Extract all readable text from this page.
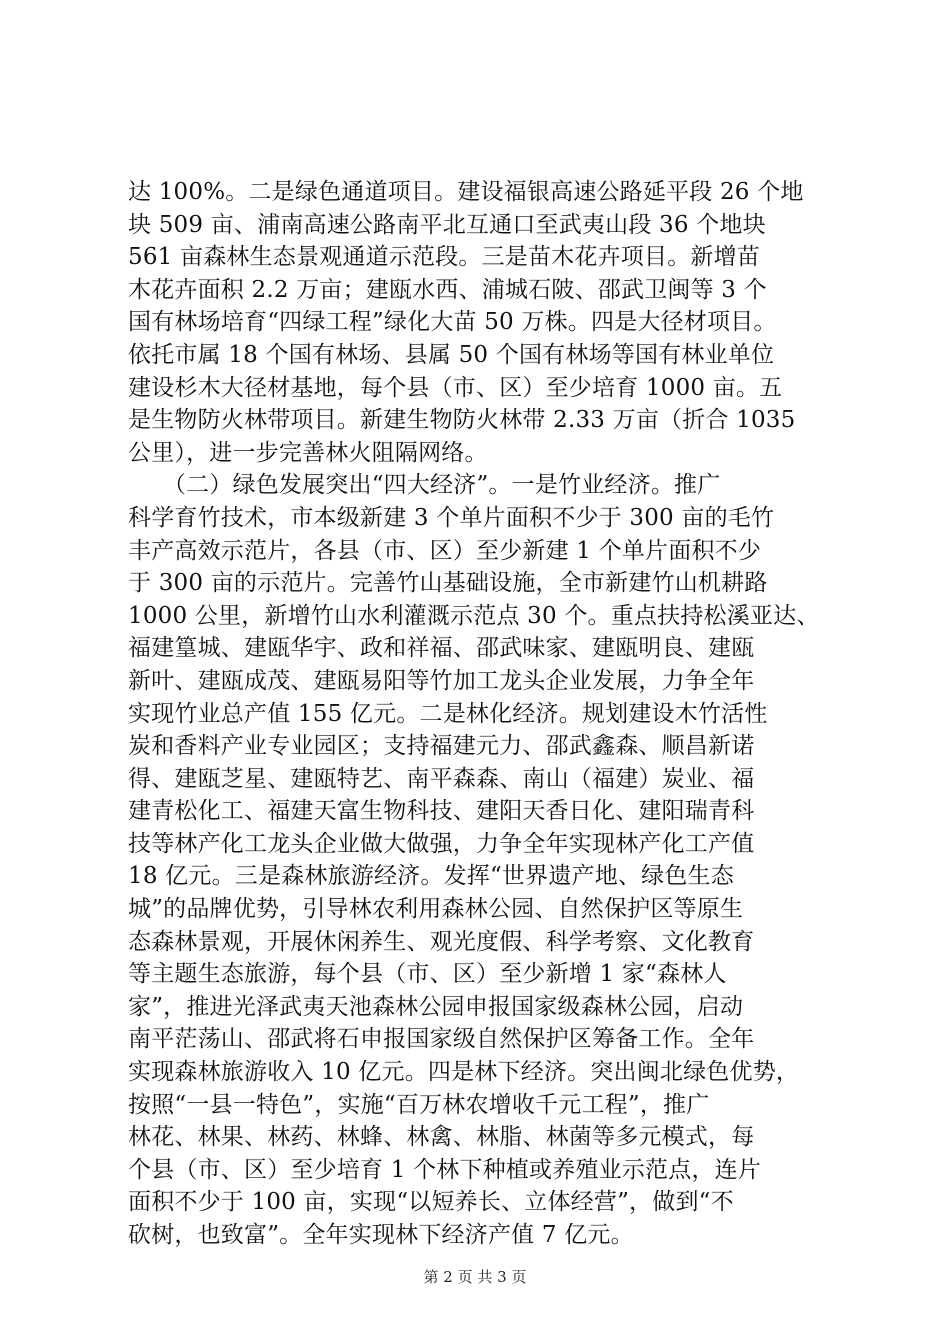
达 100%。二是绿色通道项目。建设福银高速公路延平段 26 个地
块 509 亩、浦南高速公路南平北互通口至武夷山段 36 个地块
561 亩森林生态景观通道示范段。三是苗木花卉项目。新增苗
木花卉面积 2.2 万亩；建瓯水西、浦城石陂、邵武卫闽等 3 个
国有林场培育“四绿工程”绿化大苗 50 万株。四是大径材项目。
依托市属 18 个国有林场、县属 50 个国有林场等国有林业单位
建设杉木大径材基地，每个县（市、区）至少培育 1000 亩。五
是生物防火林带项目。新建生物防火林带 2.33 万亩（折合 1035
公里），进一步完善林火阻隔网络。
　　（二）绿色发展突出“四大经济”。一是竹业经济。推广
科学育竹技术，市本级新建 3 个单片面积不少于 300 亩的毛竹
丰产高效示范片，各县（市、区）至少新建 1 个单片面积不少
于 300 亩的示范片。完善竹山基础设施，全市新建竹山机耕路
1000 公里，新增竹山水利灌溉示范点 30 个。重点扶持松溪亚达、
福建篁城、建瓯华宇、政和祥福、邵武味家、建瓯明良、建瓯
新叶、建瓯成茂、建瓯易阳等竹加工龙头企业发展，力争全年
实现竹业总产值 155 亿元。二是林化经济。规划建设木竹活性
炭和香料产业专业园区；支持福建元力、邵武鑫森、顺昌新诺
得、建瓯芝星、建瓯特艺、南平森森、南山（福建）炭业、福
建青松化工、福建天富生物科技、建阳天香日化、建阳瑞青科
技等林产化工龙头企业做大做强，力争全年实现林产化工产值
18 亿元。三是森林旅游经济。发挥“世界遗产地、绿色生态
城”的品牌优势，引导林农利用森林公园、自然保护区等原生
态森林景观，开展休闲养生、观光度假、科学考察、文化教育
等主题生态旅游，每个县（市、区）至少新增 1 家“森林人
家”，推进光泽武夷天池森林公园申报国家级森林公园，启动
南平茫荡山、邵武将石申报国家级自然保护区筹备工作。全年
实现森林旅游收入 10 亿元。四是林下经济。突出闽北绿色优势，
按照“一县一特色”，实施“百万林农增收千元工程”，推广
林花、林果、林药、林蜂、林禽、林脂、林菌等多元模式，每
个县（市、区）至少培育 1 个林下种植或养殖业示范点，连片
面积不少于 100 亩，实现“以短养长、立体经营”，做到“不
砍树，也致富”。全年实现林下经济产值 7 亿元。
第 2 页 共 3 页
